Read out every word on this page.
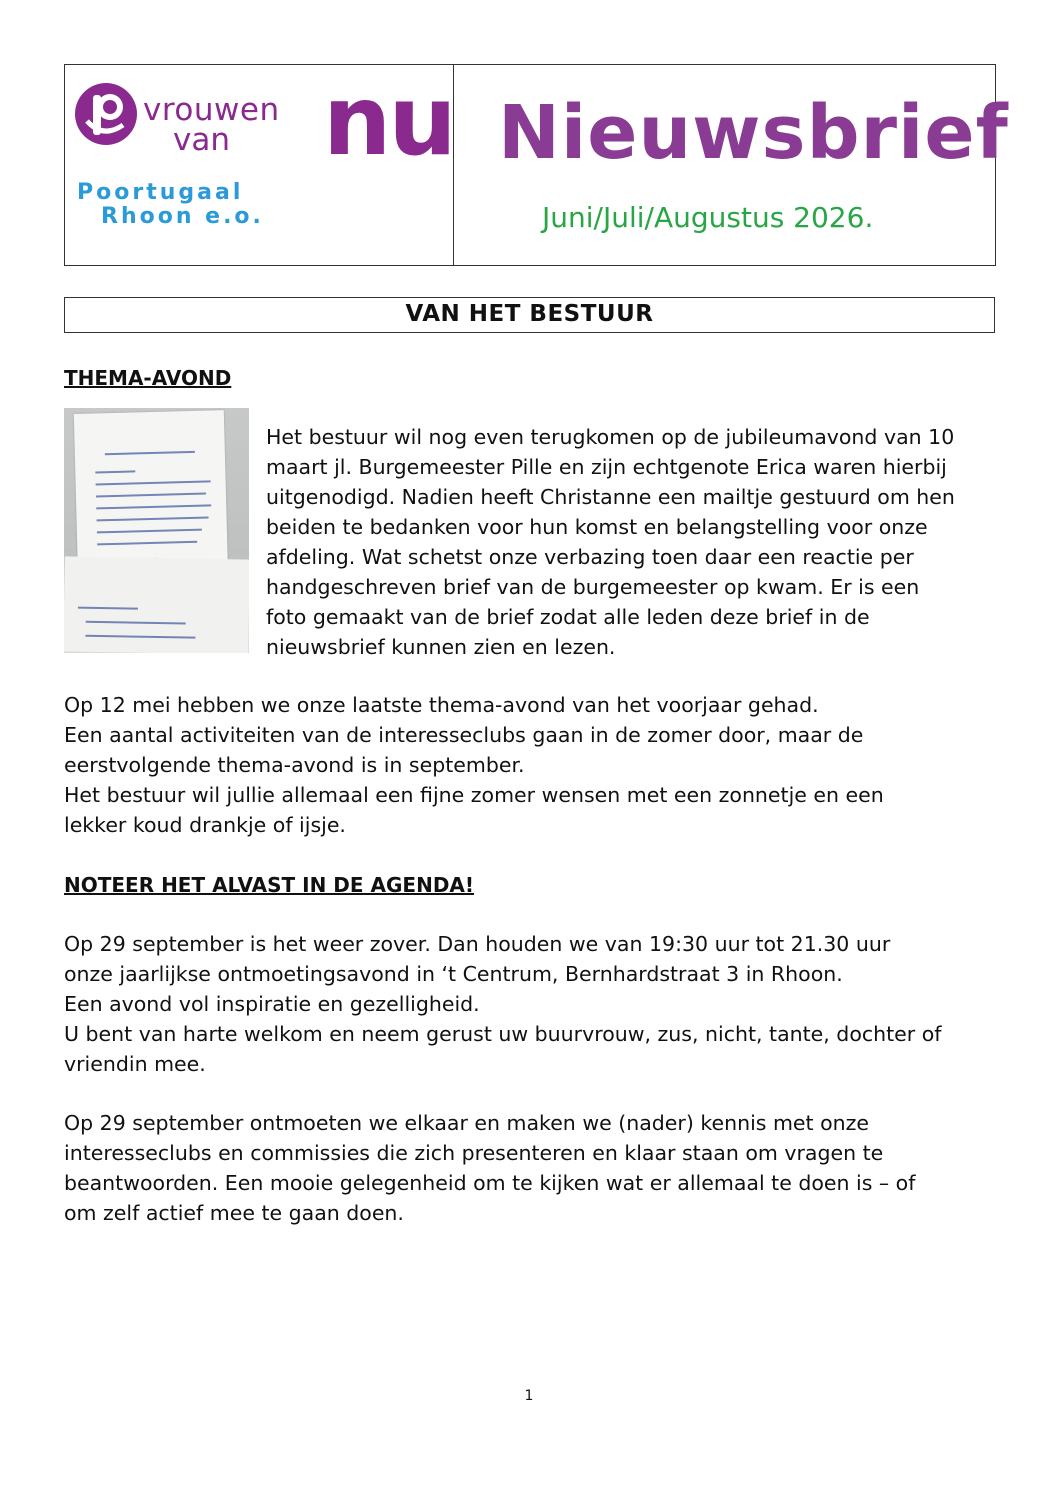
vrouwen
van nu
Poortugaal
Rhoon e.o.
Nieuwsbrief
Juni/Juli/Augustus 2026.
VAN HET BESTUUR
THEMA-AVOND
Het bestuur wil nog even terugkomen op de jubileumavond van 10
maart jl. Burgemeester Pille en zijn echtgenote Erica waren hierbij
uitgenodigd. Nadien heeft Christanne een mailtje gestuurd om hen
beiden te bedanken voor hun komst en belangstelling voor onze
afdeling. Wat schetst onze verbazing toen daar een reactie per
handgeschreven brief van de burgemeester op kwam. Er is een
foto gemaakt van de brief zodat alle leden deze brief in de
nieuwsbrief kunnen zien en lezen.
Op 12 mei hebben we onze laatste thema-avond van het voorjaar gehad.
Een aantal activiteiten van de interesseclubs gaan in de zomer door, maar de
eerstvolgende thema-avond is in september.
Het bestuur wil jullie allemaal een fijne zomer wensen met een zonnetje en een
lekker koud drankje of ijsje.
NOTEER HET ALVAST IN DE AGENDA!
Op 29 september is het weer zover. Dan houden we van 19:30 uur tot 21.30 uur
onze jaarlijkse ontmoetingsavond in ‘t Centrum, Bernhardstraat 3 in Rhoon.
Een avond vol inspiratie en gezelligheid.
U bent van harte welkom en neem gerust uw buurvrouw, zus, nicht, tante, dochter of
vriendin mee.
Op 29 september ontmoeten we elkaar en maken we (nader) kennis met onze
interesseclubs en commissies die zich presenteren en klaar staan om vragen te
beantwoorden. Een mooie gelegenheid om te kijken wat er allemaal te doen is – of
om zelf actief mee te gaan doen.
1
